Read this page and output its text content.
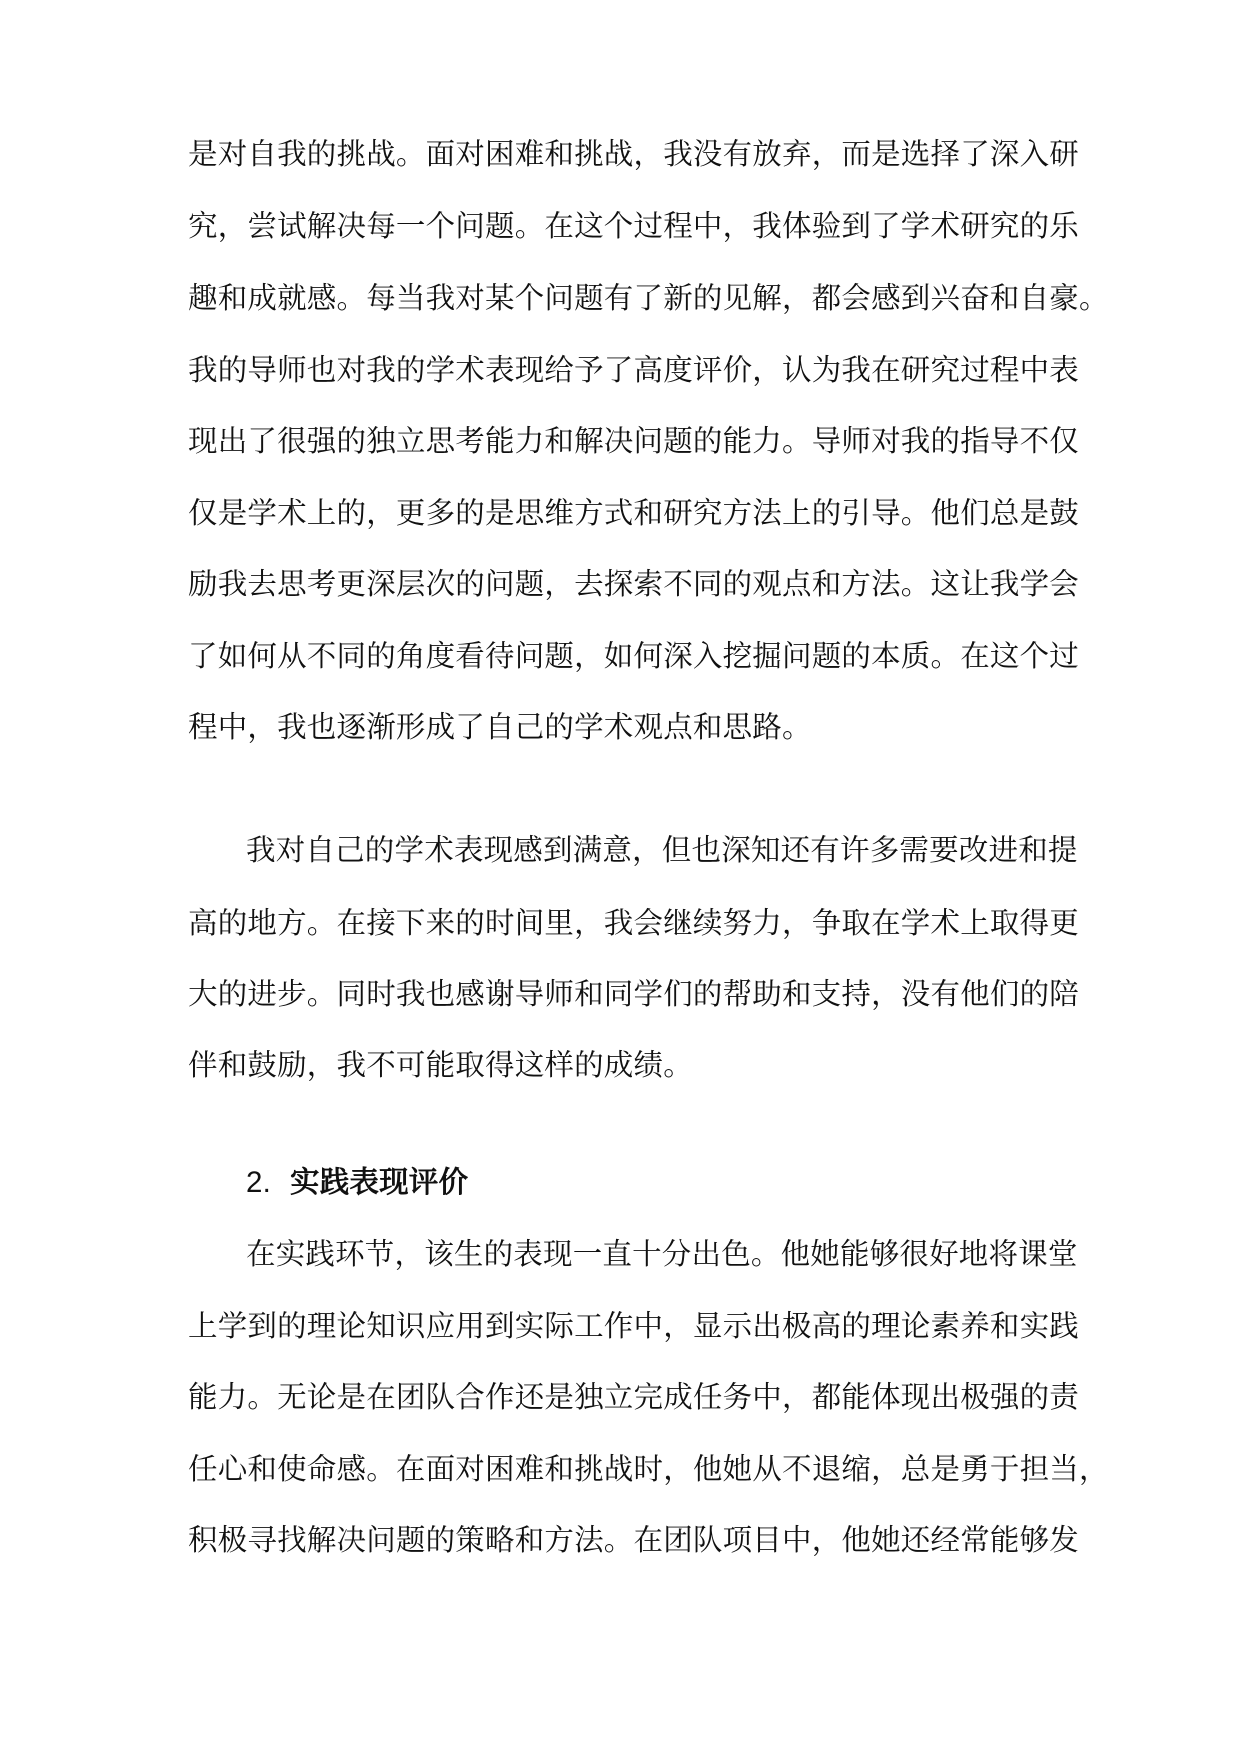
是对自我的挑战。面对困难和挑战，我没有放弃，而是选择了深入研

究，尝试解决每一个问题。在这个过程中，我体验到了学术研究的乐

趣和成就感。每当我对某个问题有了新的见解，都会感到兴奋和自豪。

我的导师也对我的学术表现给予了高度评价，认为我在研究过程中表

现出了很强的独立思考能力和解决问题的能力。导师对我的指导不仅

仅是学术上的，更多的是思维方式和研究方法上的引导。他们总是鼓

励我去思考更深层次的问题，去探索不同的观点和方法。这让我学会

了如何从不同的角度看待问题，如何深入挖掘问题的本质。在这个过

程中，我也逐渐形成了自己的学术观点和思路。

我对自己的学术表现感到满意，但也深知还有许多需要改进和提

高的地方。在接下来的时间里，我会继续努力，争取在学术上取得更

大的进步。同时我也感谢导师和同学们的帮助和支持，没有他们的陪

伴和鼓励，我不可能取得这样的成绩。

2. 实践表现评价

在实践环节，该生的表现一直十分出色。他她能够很好地将课堂

上学到的理论知识应用到实际工作中，显示出极高的理论素养和实践

能力。无论是在团队合作还是独立完成任务中，都能体现出极强的责

任心和使命感。在面对困难和挑战时，他她从不退缩，总是勇于担当，

积极寻找解决问题的策略和方法。在团队项目中，他她还经常能够发
